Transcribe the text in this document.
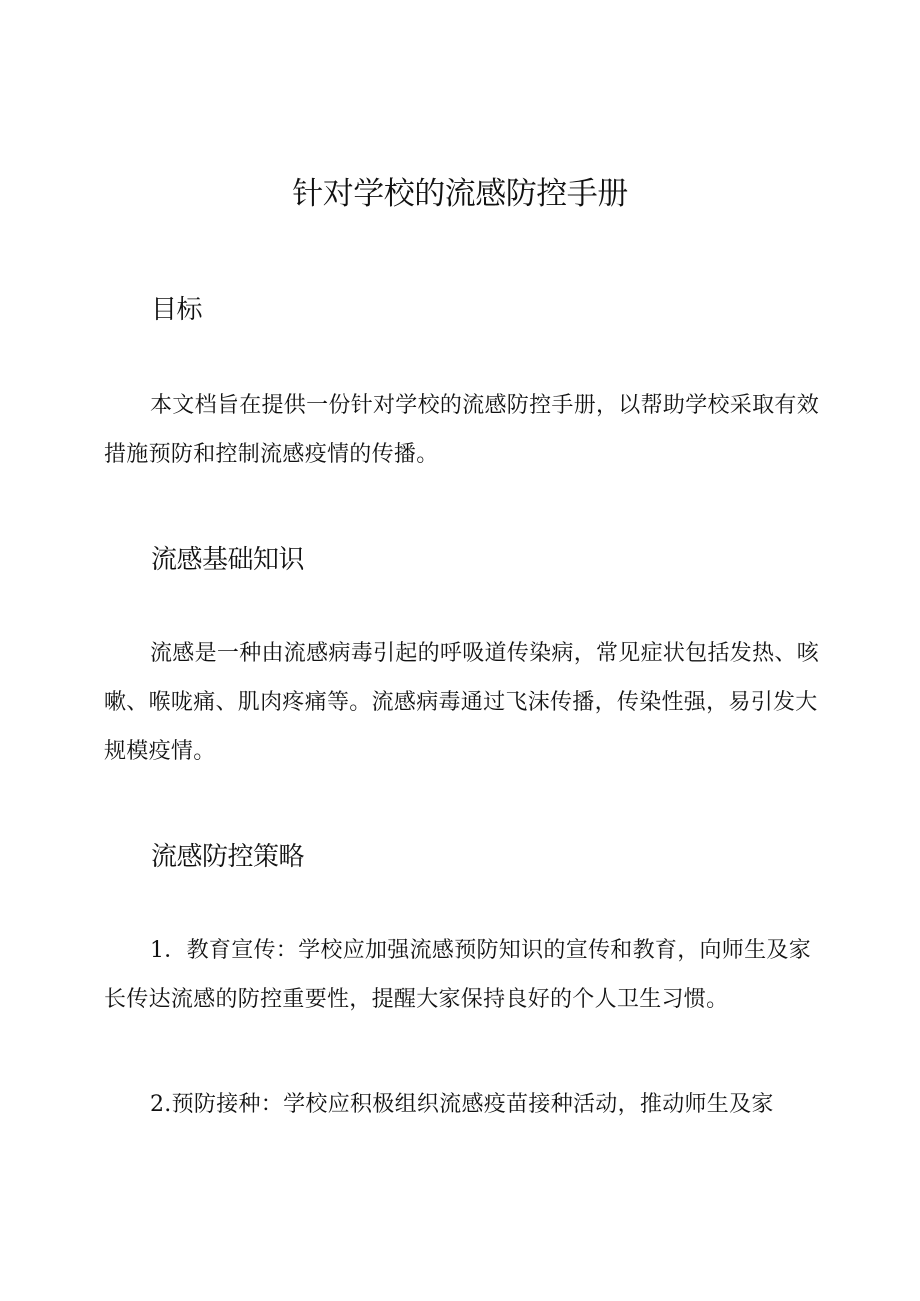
针对学校的流感防控手册
目标

本文档旨在提供一份针对学校的流感防控手册，以帮助学校采取有效措施预防和控制流感疫情的传播。

流感基础知识

流感是一种由流感病毒引起的呼吸道传染病，常见症状包括发热、咳嗽、喉咙痛、肌肉疼痛等。流感病毒通过飞沫传播，传染性强，易引发大规模疫情。

流感防控策略

1．教育宣传：学校应加强流感预防知识的宣传和教育，向师生及家长传达流感的防控重要性，提醒大家保持良好的个人卫生习惯。

2.预防接种：学校应积极组织流感疫苗接种活动，推动师生及家
